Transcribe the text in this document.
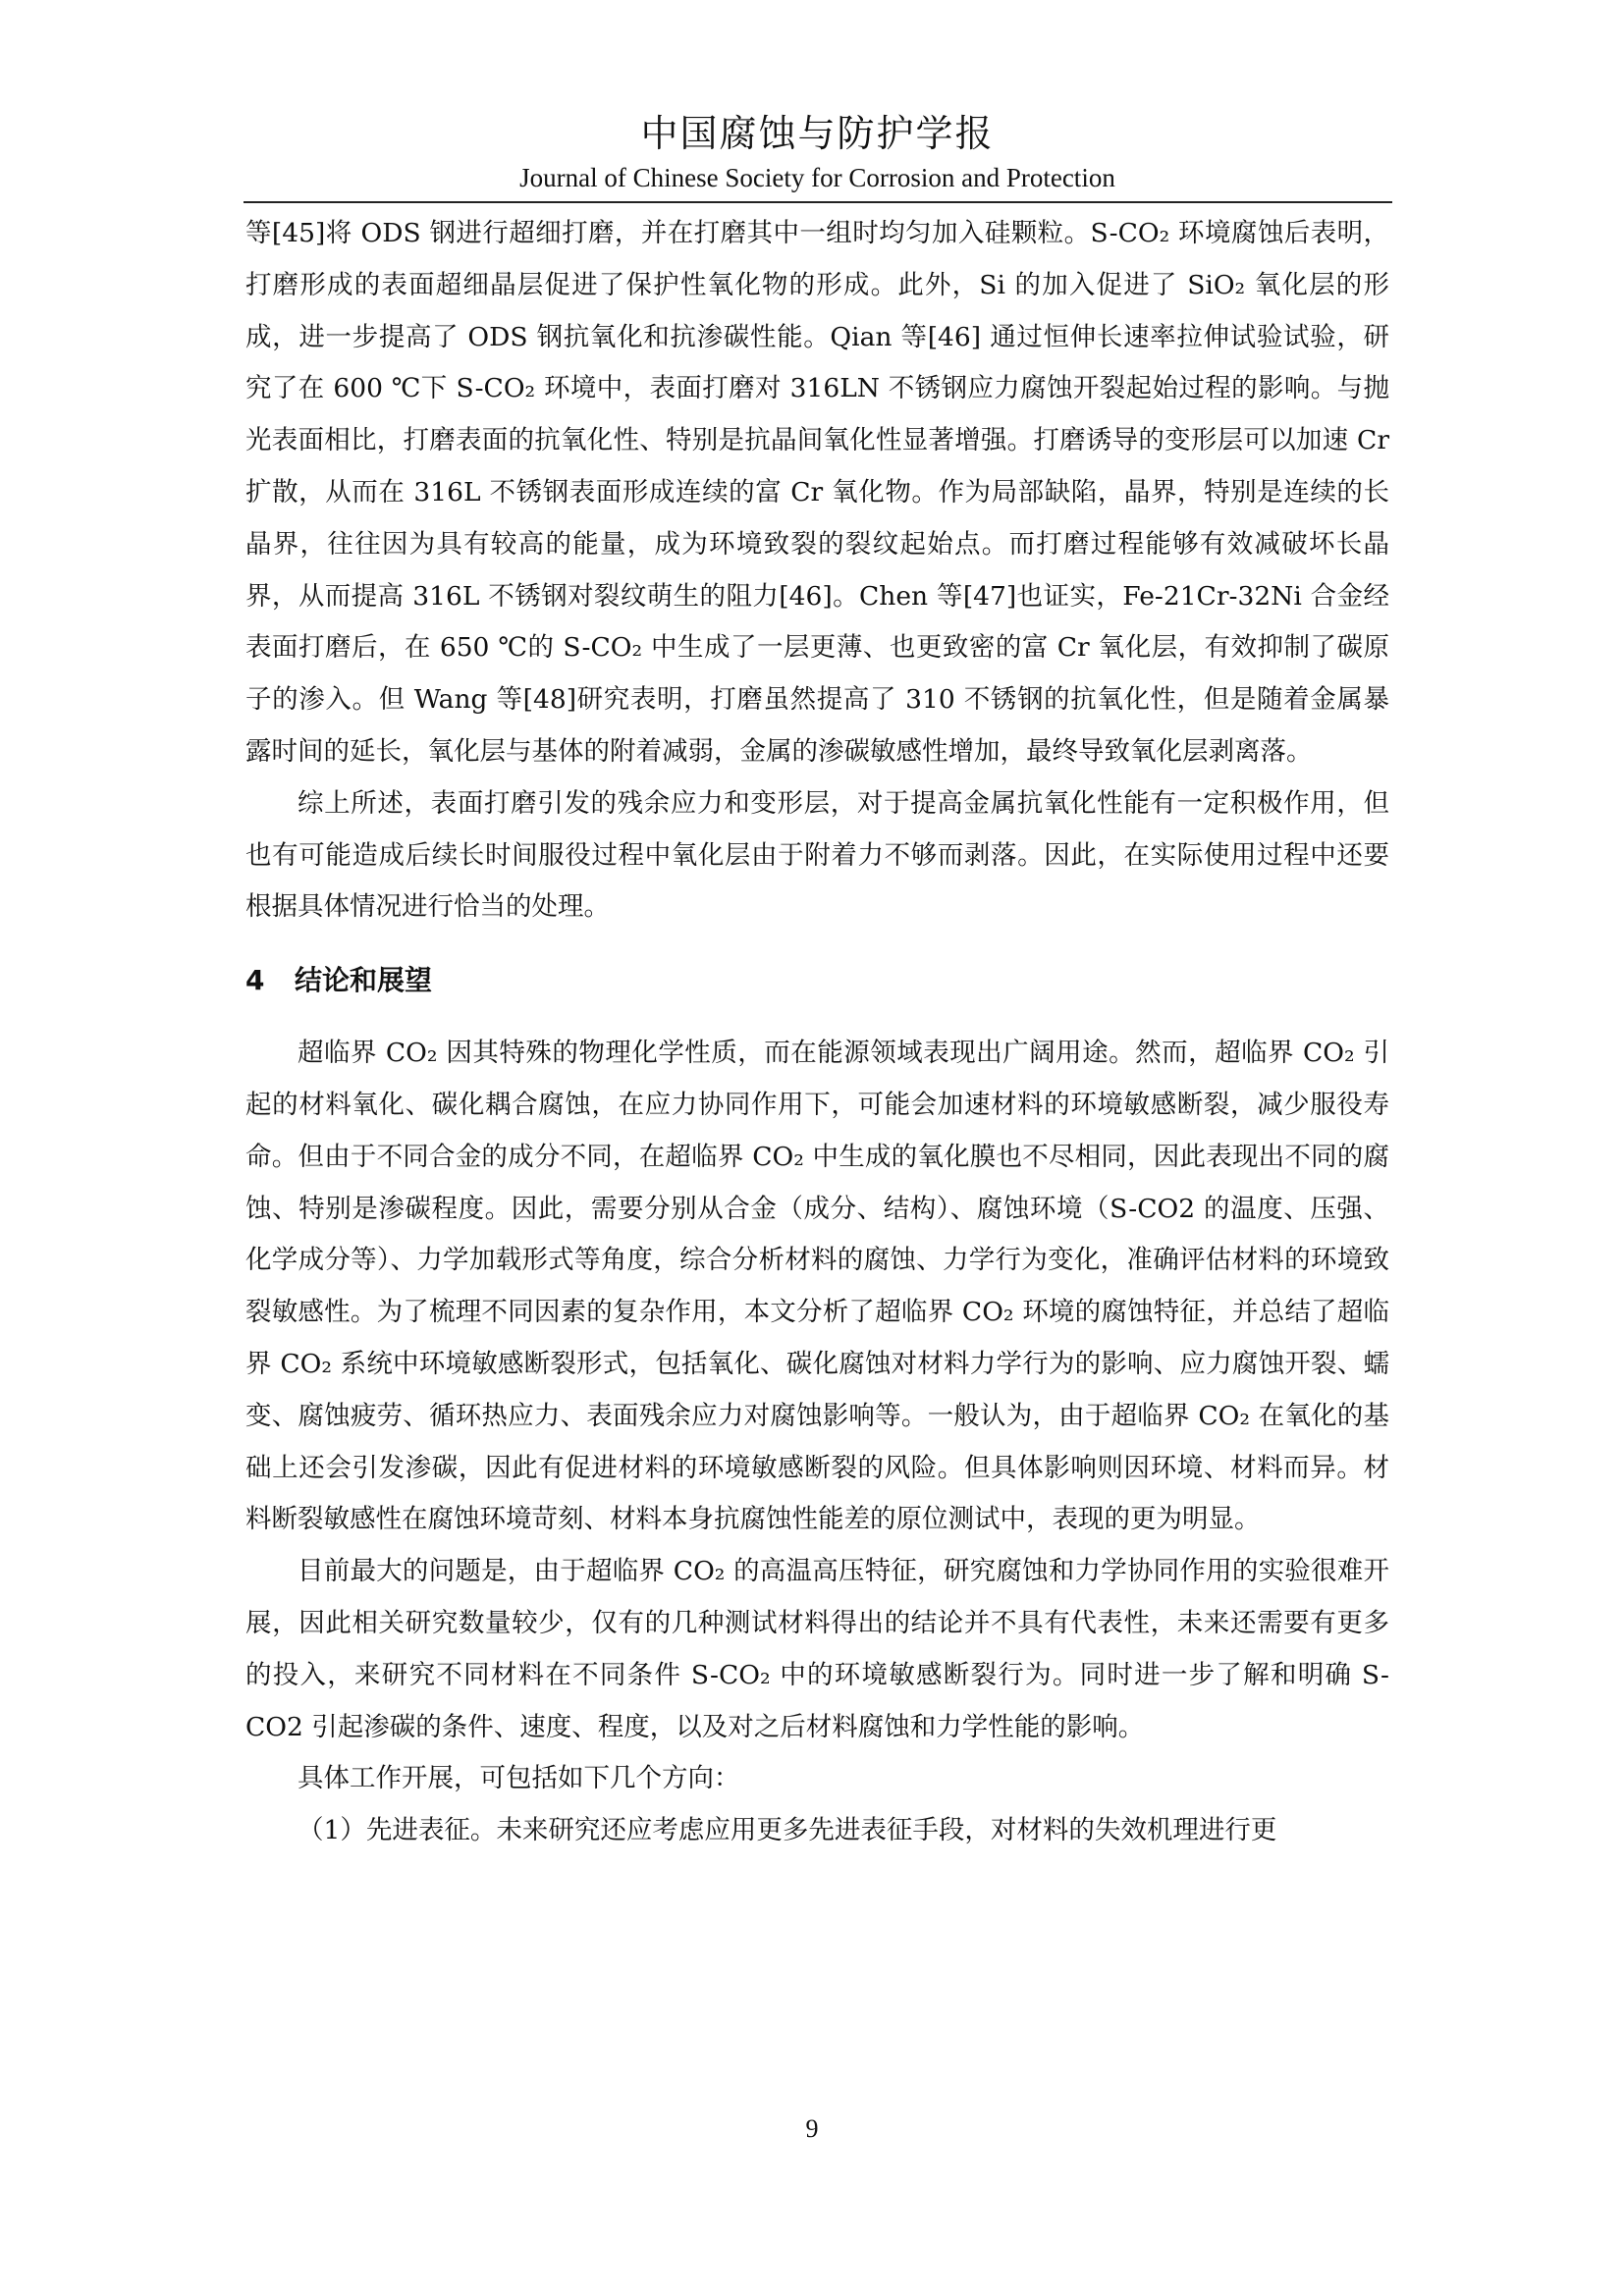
中国腐蚀与防护学报
Journal of Chinese Society for Corrosion and Protection

等[45]将 ODS 钢进行超细打磨，并在打磨其中一组时均匀加入硅颗粒。S-CO₂ 环境腐蚀后表明，打磨形成的表面超细晶层促进了保护性氧化物的形成。此外，Si 的加入促进了 SiO₂ 氧化层的形成，进一步提高了 ODS 钢抗氧化和抗渗碳性能。Qian 等[46] 通过恒伸长速率拉伸试验试验，研究了在 600 ℃下 S-CO₂ 环境中，表面打磨对 316LN 不锈钢应力腐蚀开裂起始过程的影响。与抛光表面相比，打磨表面的抗氧化性、特别是抗晶间氧化性显著增强。打磨诱导的变形层可以加速 Cr 扩散，从而在 316L 不锈钢表面形成连续的富 Cr 氧化物。作为局部缺陷，晶界，特别是连续的长晶界，往往因为具有较高的能量，成为环境致裂的裂纹起始点。而打磨过程能够有效减破坏长晶界，从而提高 316L 不锈钢对裂纹萌生的阻力[46]。Chen 等[47]也证实，Fe-21Cr-32Ni 合金经表面打磨后，在 650 ℃的 S-CO₂ 中生成了一层更薄、也更致密的富 Cr 氧化层，有效抑制了碳原子的渗入。但 Wang 等[48]研究表明，打磨虽然提高了 310 不锈钢的抗氧化性，但是随着金属暴露时间的延长，氧化层与基体的附着减弱，金属的渗碳敏感性增加，最终导致氧化层剥离落。

综上所述，表面打磨引发的残余应力和变形层，对于提高金属抗氧化性能有一定积极作用，但也有可能造成后续长时间服役过程中氧化层由于附着力不够而剥落。因此，在实际使用过程中还要根据具体情况进行恰当的处理。

4 结论和展望

超临界 CO₂ 因其特殊的物理化学性质，而在能源领域表现出广阔用途。然而，超临界 CO₂ 引起的材料氧化、碳化耦合腐蚀，在应力协同作用下，可能会加速材料的环境敏感断裂，减少服役寿命。但由于不同合金的成分不同，在超临界 CO₂ 中生成的氧化膜也不尽相同，因此表现出不同的腐蚀、特别是渗碳程度。因此，需要分别从合金（成分、结构）、腐蚀环境（S-CO2 的温度、压强、化学成分等）、力学加载形式等角度，综合分析材料的腐蚀、力学行为变化，准确评估材料的环境致裂敏感性。为了梳理不同因素的复杂作用，本文分析了超临界 CO₂ 环境的腐蚀特征，并总结了超临界 CO₂ 系统中环境敏感断裂形式，包括氧化、碳化腐蚀对材料力学行为的影响、应力腐蚀开裂、蠕变、腐蚀疲劳、循环热应力、表面残余应力对腐蚀影响等。一般认为，由于超临界 CO₂ 在氧化的基础上还会引发渗碳，因此有促进材料的环境敏感断裂的风险。但具体影响则因环境、材料而异。材料断裂敏感性在腐蚀环境苛刻、材料本身抗腐蚀性能差的原位测试中，表现的更为明显。

目前最大的问题是，由于超临界 CO₂ 的高温高压特征，研究腐蚀和力学协同作用的实验很难开展，因此相关研究数量较少，仅有的几种测试材料得出的结论并不具有代表性，未来还需要有更多的投入，来研究不同材料在不同条件 S-CO₂ 中的环境敏感断裂行为。同时进一步了解和明确 S-CO2 引起渗碳的条件、速度、程度，以及对之后材料腐蚀和力学性能的影响。

具体工作开展，可包括如下几个方向：

（1）先进表征。未来研究还应考虑应用更多先进表征手段，对材料的失效机理进行更

9
